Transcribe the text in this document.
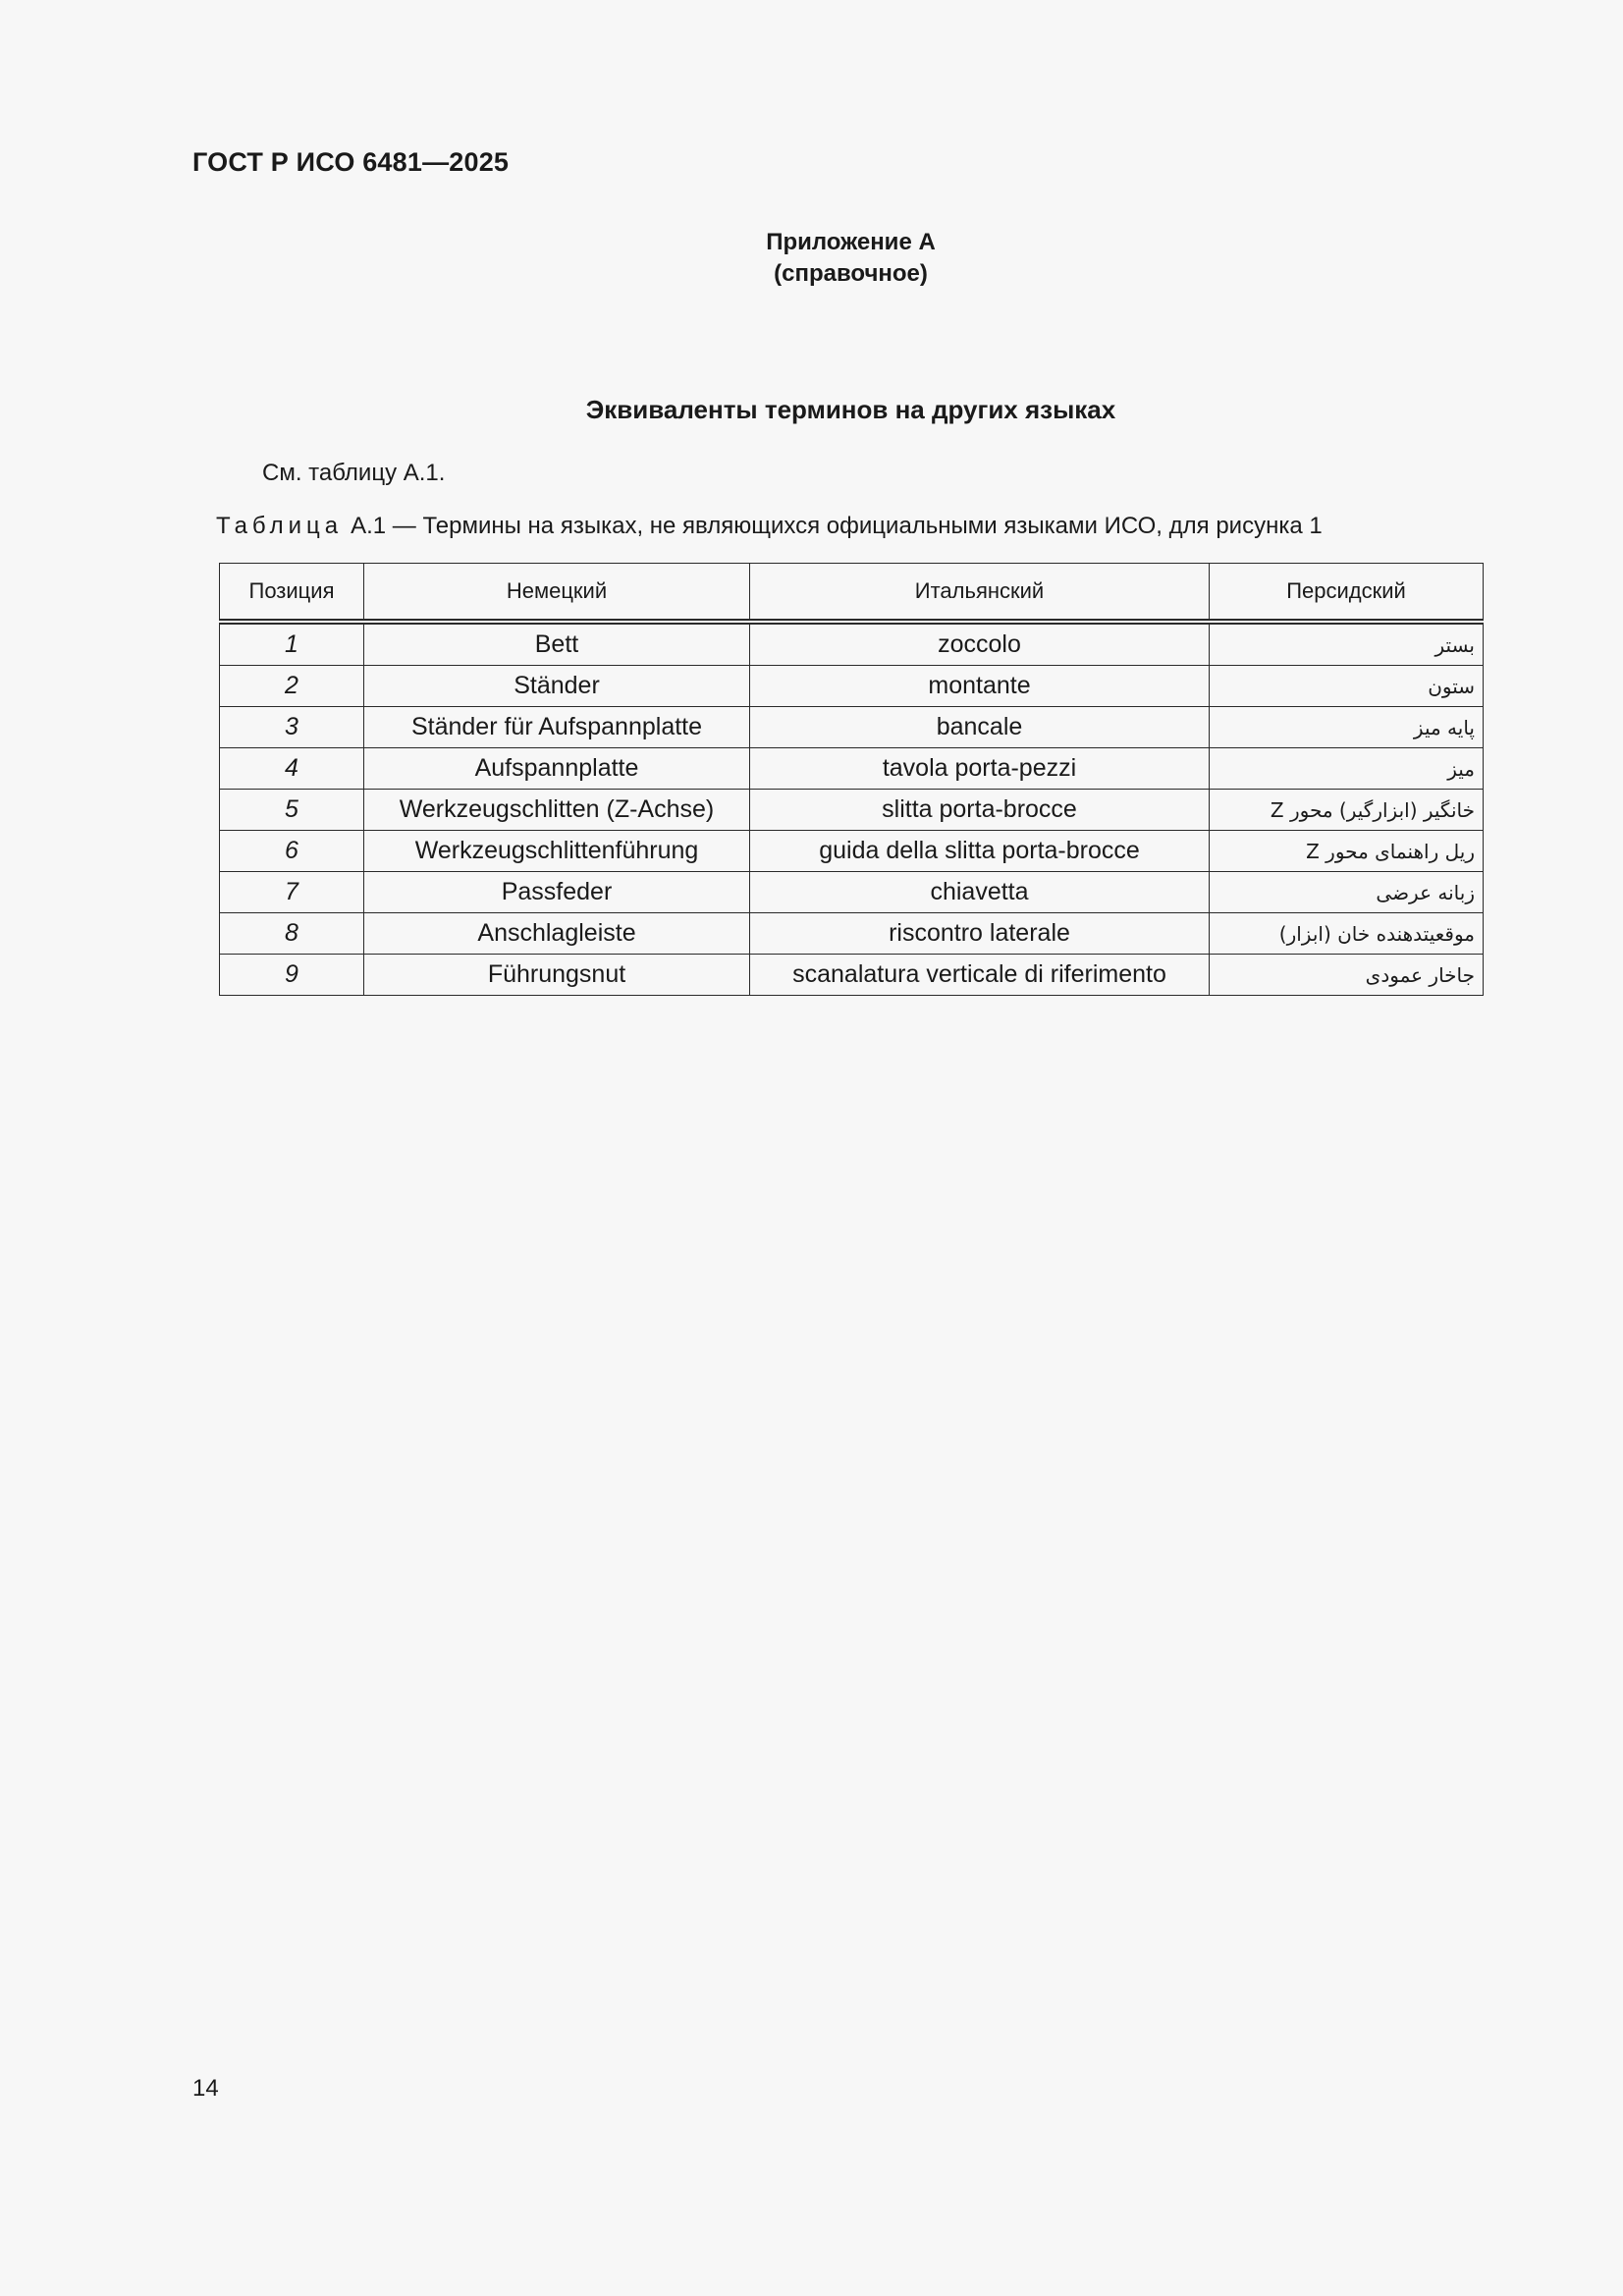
ГОСТ Р ИСО 6481—2025
Приложение А
(справочное)
Эквиваленты терминов на других языках
См. таблицу А.1.
Таблица А.1 — Термины на языках, не являющихся официальными языками ИСО, для рисунка 1
Позиция	Немецкий	Итальянский	Персидский
1	Bett	zoccolo	بستر
2	Ständer	montante	ستون
3	Ständer für Aufspannplatte	bancale	پایه میز
4	Aufspannplatte	tavola porta-pezzi	میز
5	Werkzeugschlitten (Z-Achse)	slitta porta-brocce	خانگیر (ابزارگیر) محور Z
6	Werkzeugschlittenführung	guida della slitta porta-brocce	ریل راهنمای محور Z
7	Passfeder	chiavetta	زبانه عرضی
8	Anschlagleiste	riscontro laterale	موقعیتدهنده خان (ابزار)
9	Führungsnut	scanalatura verticale di riferimento	جاخار عمودی
14
